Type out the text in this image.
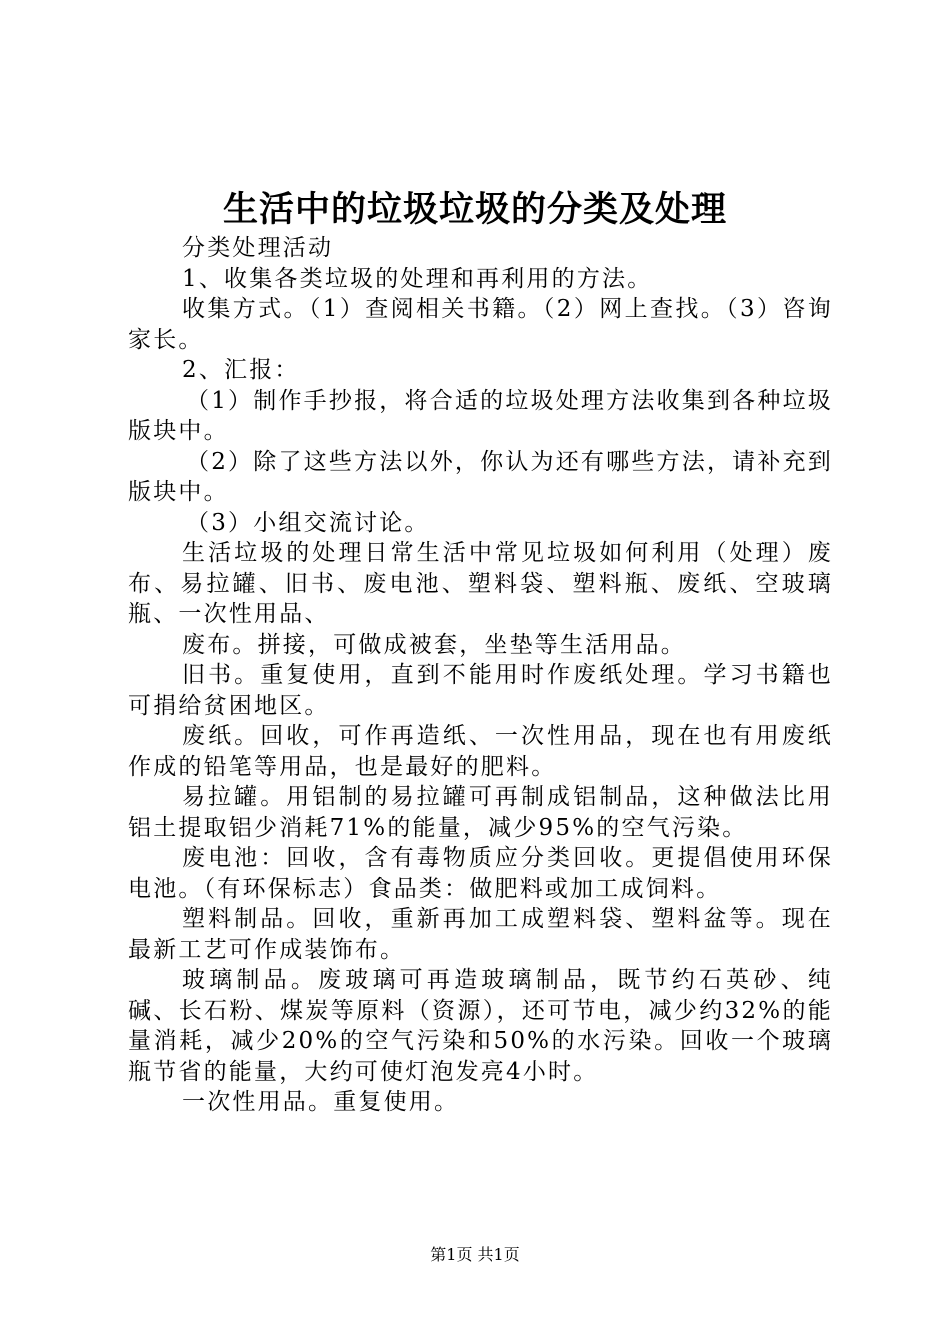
生活中的垃圾垃圾的分类及处理

分类处理活动

1、收集各类垃圾的处理和再利用的方法。

收集方式。（1）查阅相关书籍。（2）网上查找。（3）咨询家长。

2、汇报：

（1）制作手抄报，将合适的垃圾处理方法收集到各种垃圾版块中。

（2）除了这些方法以外，你认为还有哪些方法，请补充到版块中。

（3）小组交流讨论。

生活垃圾的处理日常生活中常见垃圾如何利用（处理）废布、易拉罐、旧书、废电池、塑料袋、塑料瓶、废纸、空玻璃瓶、一次性用品、

废布。拼接，可做成被套，坐垫等生活用品。

旧书。重复使用，直到不能用时作废纸处理。学习书籍也可捐给贫困地区。

废纸。回收，可作再造纸、一次性用品，现在也有用废纸作成的铅笔等用品，也是最好的肥料。

易拉罐。用铝制的易拉罐可再制成铝制品，这种做法比用铝土提取铝少消耗71%的能量，减少95%的空气污染。

废电池：回收，含有毒物质应分类回收。更提倡使用环保电池。（有环保标志）食品类：做肥料或加工成饲料。

塑料制品。回收，重新再加工成塑料袋、塑料盆等。现在最新工艺可作成装饰布。

玻璃制品。废玻璃可再造玻璃制品，既节约石英砂、纯碱、长石粉、煤炭等原料（资源），还可节电，减少约32%的能量消耗，减少20%的空气污染和50%的水污染。回收一个玻璃瓶节省的能量，大约可使灯泡发亮4小时。

一次性用品。重复使用。

第1页 共1页
